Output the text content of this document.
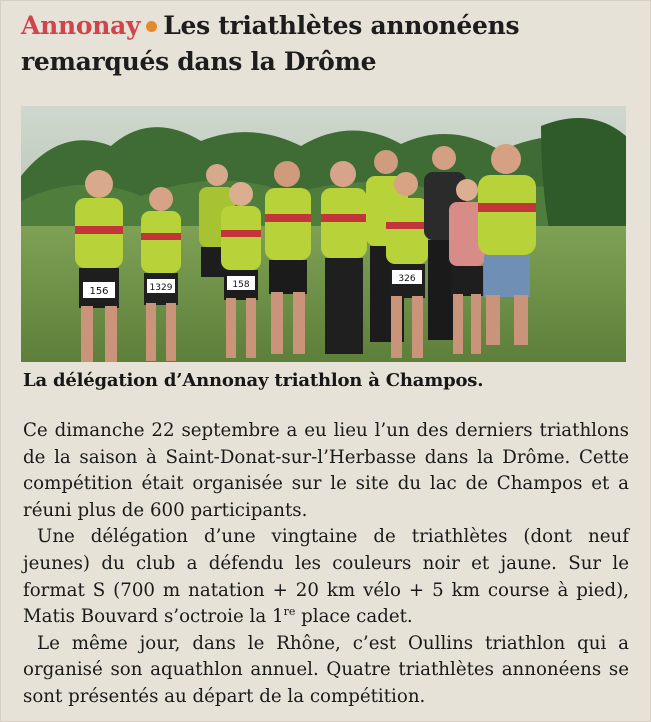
Annonay Les triathlètes annonéens
remarqués dans la Drôme
156	1329	158
326
La délégation d’Annonay triathlon à Champos.

Ce dimanche 22 septembre a eu lieu l’un des derniers triathlons de la saison à Saint-Donat-sur-l’Herbasse dans la Drôme. Cette compétition était organisée sur le site du lac de Champos et a réuni plus de 600 participants.

Une délégation d’une vingtaine de triathlètes (dont neuf jeunes) du club a défendu les couleurs noir et jaune. Sur le format S (700 m natation + 20 km vélo + 5 km course à pied), Matis Bouvard s’octroie la 1re place cadet.

Le même jour, dans le Rhône, c’est Oullins triathlon qui a organisé son aquathlon annuel. Quatre triathlètes annonéens se sont présentés au départ de la compétition.
